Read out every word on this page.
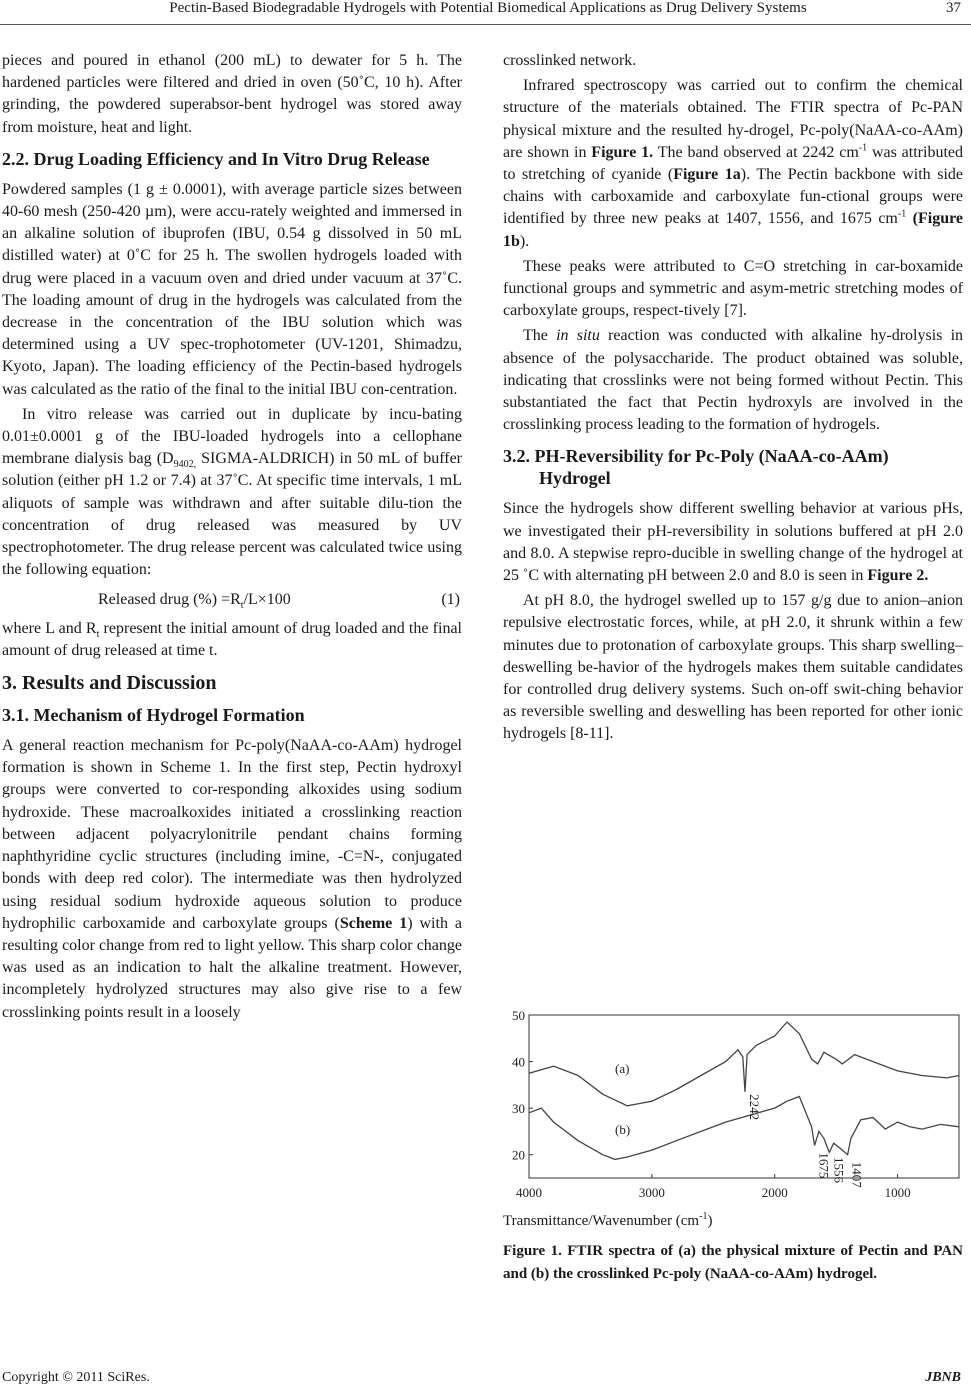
Pectin-Based Biodegradable Hydrogels with Potential Biomedical Applications as Drug Delivery Systems	37

pieces and poured in ethanol (200 mL) to dewater for 5 h. The hardened particles were filtered and dried in oven (50˚C, 10 h). After grinding, the powdered superabsor-bent hydrogel was stored away from moisture, heat and light.

2.2. Drug Loading Efficiency and In Vitro Drug Release

Powdered samples (1 g ± 0.0001), with average particle sizes between 40-60 mesh (250-420 µm), were accu-rately weighted and immersed in an alkaline solution of ibuprofen (IBU, 0.54 g dissolved in 50 mL distilled water) at 0˚C for 25 h. The swollen hydrogels loaded with drug were placed in a vacuum oven and dried under vacuum at 37˚C. The loading amount of drug in the hydrogels was calculated from the decrease in the concentration of the IBU solution which was determined using a UV spec-trophotometer (UV-1201, Shimadzu, Kyoto, Japan). The loading efficiency of the Pectin-based hydrogels was calculated as the ratio of the final to the initial IBU con-centration.

In vitro release was carried out in duplicate by incu-bating 0.01±0.0001 g of the IBU-loaded hydrogels into a cellophane membrane dialysis bag ($D_{9402,}$ SIGMA-ALDRICH) in 50 mL of buffer solution (either pH 1.2 or 7.4) at 37˚C. At specific time intervals, 1 mL aliquots of sample was withdrawn and after suitable dilu-tion the concentration of drug released was measured by UV spectrophotometer. The drug release percent was calculated twice using the following equation:

Released drug (%) $=R_t/L\times 100$	(1)

where L and $R_t$ represent the initial amount of drug loaded and the final amount of drug released at time t.

3. Results and Discussion
3.1. Mechanism of Hydrogel Formation

A general reaction mechanism for Pc-poly(NaAA-co-AAm) hydrogel formation is shown in Scheme 1. In the first step, Pectin hydroxyl groups were converted to cor-responding alkoxides using sodium hydroxide. These macroalkoxides initiated a crosslinking reaction between adjacent polyacrylonitrile pendant chains forming naphthyridine cyclic structures (including imine, -C=N-, conjugated bonds with deep red color). The intermediate was then hydrolyzed using residual sodium hydroxide aqueous solution to produce hydrophilic carboxamide and carboxylate groups (Scheme 1) with a resulting color change from red to light yellow. This sharp color change was used as an indication to halt the alkaline treatment. However, incompletely hydrolyzed structures may also give rise to a few crosslinking points result in a loosely

crosslinked network.

Infrared spectroscopy was carried out to confirm the chemical structure of the materials obtained. The FTIR spectra of Pc-PAN physical mixture and the resulted hy-drogel, Pc-poly(NaAA-co-AAm) are shown in Figure 1. The band observed at 2242 $cm^{-1}$ was attributed to stretching of cyanide (Figure 1a). The Pectin backbone with side chains with carboxamide and carboxylate fun-ctional groups were identified by three new peaks at 1407, 1556, and 1675 $cm^{-1}$ (Figure 1b).

These peaks were attributed to C=O stretching in car-boxamide functional groups and symmetric and asym-metric stretching modes of carboxylate groups, respect-tively [7].

The in situ reaction was conducted with alkaline hy-drolysis in absence of the polysaccharide. The product obtained was soluble, indicating that crosslinks were not being formed without Pectin. This substantiated the fact that Pectin hydroxyls are involved in the crosslinking process leading to the formation of hydrogels.

3.2. PH-Reversibility for Pc-Poly (NaAA-co-AAm) Hydrogel

Since the hydrogels show different swelling behavior at various pHs, we investigated their pH-reversibility in solutions buffered at pH 2.0 and 8.0. A stepwise repro-ducible in swelling change of the hydrogel at 25 ˚C with alternating pH between 2.0 and 8.0 is seen in Figure 2.

At pH 8.0, the hydrogel swelled up to 157 g/g due to anion–anion repulsive electrostatic forces, while, at pH 2.0, it shrunk within a few minutes due to protonation of carboxylate groups. This sharp swelling–deswelling be-havior of the hydrogels makes them suitable candidates for controlled drug delivery systems. Such on-off swit-ching behavior as reversible swelling and deswelling has been reported for other ionic hydrogels [8-11].

50
40
30
20
4000	3000	2000	1000
(a)
(b)
2242
1675 1556 1407
Transmittance/Wavenumber $(cm^{-1})$
Figure 1. FTIR spectra of (a) the physical mixture of Pectin and PAN and (b) the crosslinked Pc-poly (NaAA-co-AAm) hydrogel.
Copyright © 2011 SciRes.	JBNB
